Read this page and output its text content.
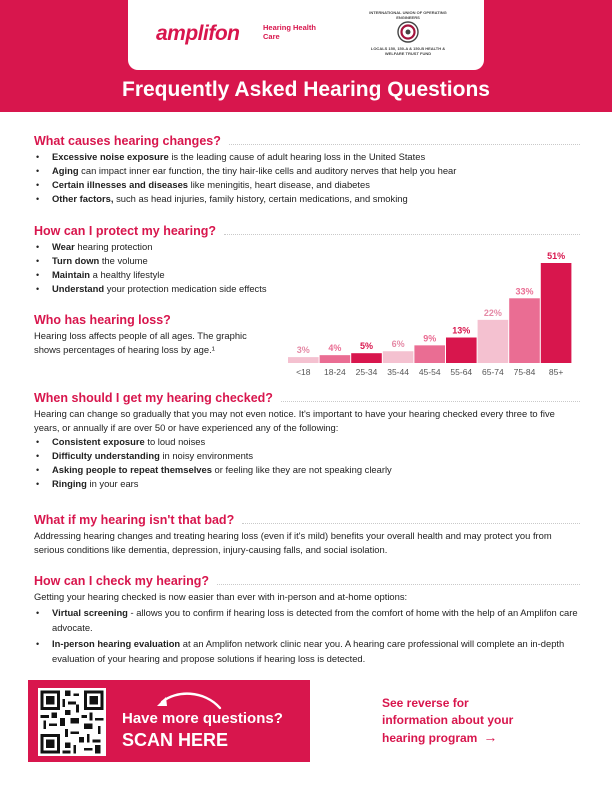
amplifon	Hearing Health Care
INTERNATIONAL UNION OF OPERATING ENGINEERS
LOCALS 150, 150-A & 150-B HEALTH & WELFARE TRUST FUND
Frequently Asked Hearing Questions
What causes hearing changes?
• Excessive noise exposure is the leading cause of adult hearing loss in the United States
• Aging can impact inner ear function, the tiny hair-like cells and auditory nerves that help you hear
• Certain illnesses and diseases like meningitis, heart disease, and diabetes
• Other factors, such as head injuries, family history, certain medications, and smoking
How can I protect my hearing?
• Wear hearing protection
• Turn down the volume
• Maintain a healthy lifestyle
• Understand your protection medication side effects
Who has hearing loss?

Hearing loss affects people of all ages. The graphic shows percentages of hearing loss by age.¹	3%
<18
4%
18-24
5%
25-34
6%
35-44
9%
45-54
13%
55-64
22%
65-74
33%
75-84
51%
85+
When should I get my hearing checked?

Hearing can change so gradually that you may not even notice. It's important to have your hearing checked every three to five years, or annually if are over 50 or have experienced any of the following:

• Consistent exposure to loud noises
• Difficulty understanding in noisy environments
• Asking people to repeat themselves or feeling like they are not speaking clearly
• Ringing in your ears
What if my hearing isn't that bad?

Addressing hearing changes and treating hearing loss (even if it's mild) benefits your overall health and may protect you from serious conditions like dementia, depression, injury-causing falls, and social isolation.

How can I check my hearing?

Getting your hearing checked is now easier than ever with in-person and at-home options:

• Virtual screening - allows you to confirm if hearing loss is detected from the comfort of home with the help of an Amplifon care advocate.
• In-person hearing evaluation at an Amplifon network clinic near you. A hearing care professional will complete an in-depth evaluation of your hearing and propose solutions if hearing loss is detected.
Have more questions?
SCAN HERE
See reverse for information about your hearing program →
